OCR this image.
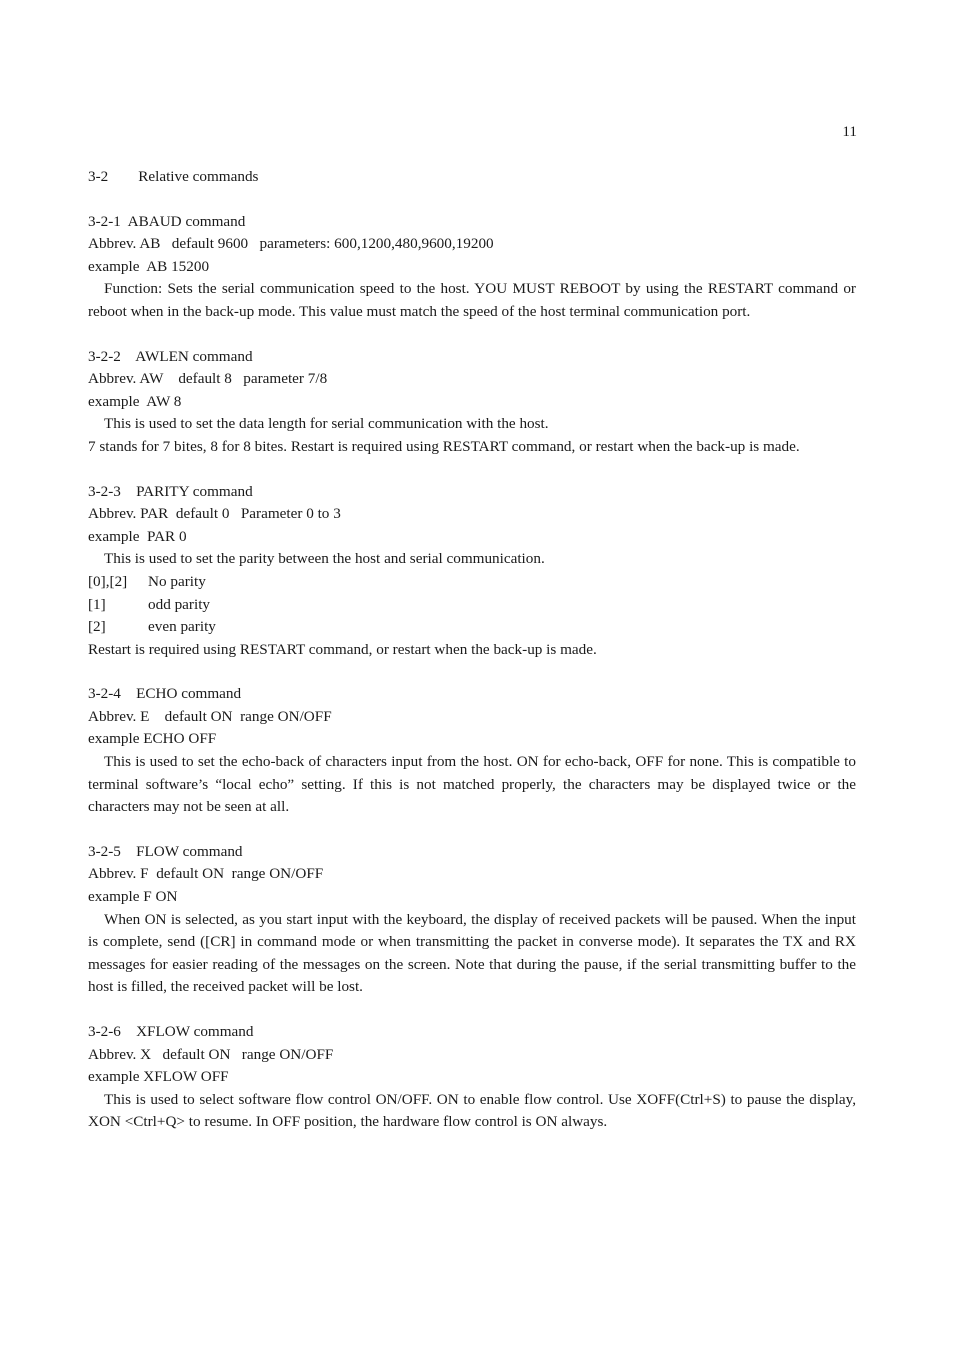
11
3-2 Relative commands
3-2-1  ABAUD command
Abbrev. AB   default 9600   parameters: 600,1200,480,9600,19200
example  AB 15200
Function: Sets the serial communication speed to the host. YOU MUST REBOOT by using the RESTART command or reboot when in the back-up mode. This value must match the speed of the host terminal communication port.
3-2-2    AWLEN command
Abbrev. AW    default 8   parameter 7/8
example  AW 8
This is used to set the data length for serial communication with the host.
7 stands for 7 bites, 8 for 8 bites. Restart is required using RESTART command, or restart when the back-up is made.
3-2-3    PARITY command
Abbrev. PAR  default 0   Parameter 0 to 3
example  PAR 0
This is used to set the parity between the host and serial communication.
[0],[2]	No parity
[1]	odd parity
[2]	even parity
Restart is required using RESTART command, or restart when the back-up is made.
3-2-4    ECHO command
Abbrev. E    default ON  range ON/OFF
example ECHO OFF
This is used to set the echo-back of characters input from the host. ON for echo-back, OFF for none. This is compatible to terminal software’s “local echo” setting. If this is not matched properly, the characters may be displayed twice or the characters may not be seen at all.
3-2-5    FLOW command
Abbrev. F  default ON  range ON/OFF
example F ON
When ON is selected, as you start input with the keyboard, the display of received packets will be paused. When the input is complete, send ([CR] in command mode or when transmitting the packet in converse mode). It separates the TX and RX messages for easier reading of the messages on the screen. Note that during the pause, if the serial transmitting buffer to the host is filled, the received packet will be lost.
3-2-6    XFLOW command
Abbrev. X   default ON   range ON/OFF
example XFLOW OFF
This is used to select software flow control ON/OFF. ON to enable flow control. Use XOFF(Ctrl+S) to pause the display, XON <Ctrl+Q> to resume. In OFF position, the hardware flow control is ON always.
